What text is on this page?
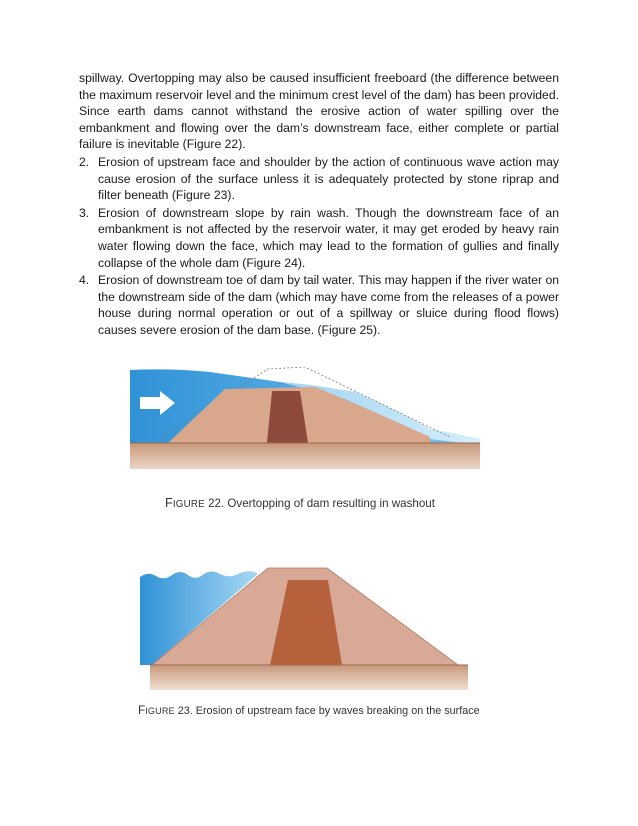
spillway. Overtopping may also be caused insufficient freeboard (the difference between the maximum reservoir level and the minimum crest level of the dam) has been provided. Since earth dams cannot withstand the erosive action of water spilling over the embankment and flowing over the dam’s downstream face, either complete or partial failure is inevitable (Figure 22).

2. Erosion of upstream face and shoulder by the action of continuous wave action may cause erosion of the surface unless it is adequately protected by stone riprap and filter beneath (Figure 23).
3. Erosion of downstream slope by rain wash. Though the downstream face of an embankment is not affected by the reservoir water, it may get eroded by heavy rain water flowing down the face, which may lead to the formation of gullies and finally collapse of the whole dam (Figure 24).
4. Erosion of downstream toe of dam by tail water. This may happen if the river water on the downstream side of the dam (which may have come from the releases of a power house during normal operation or out of a spillway or sluice during flood flows) causes severe erosion of the dam base. (Figure 25).
FIGURE 22. Overtopping of dam resulting in washout
FIGURE 23. Erosion of upstream face by waves breaking on the surface
